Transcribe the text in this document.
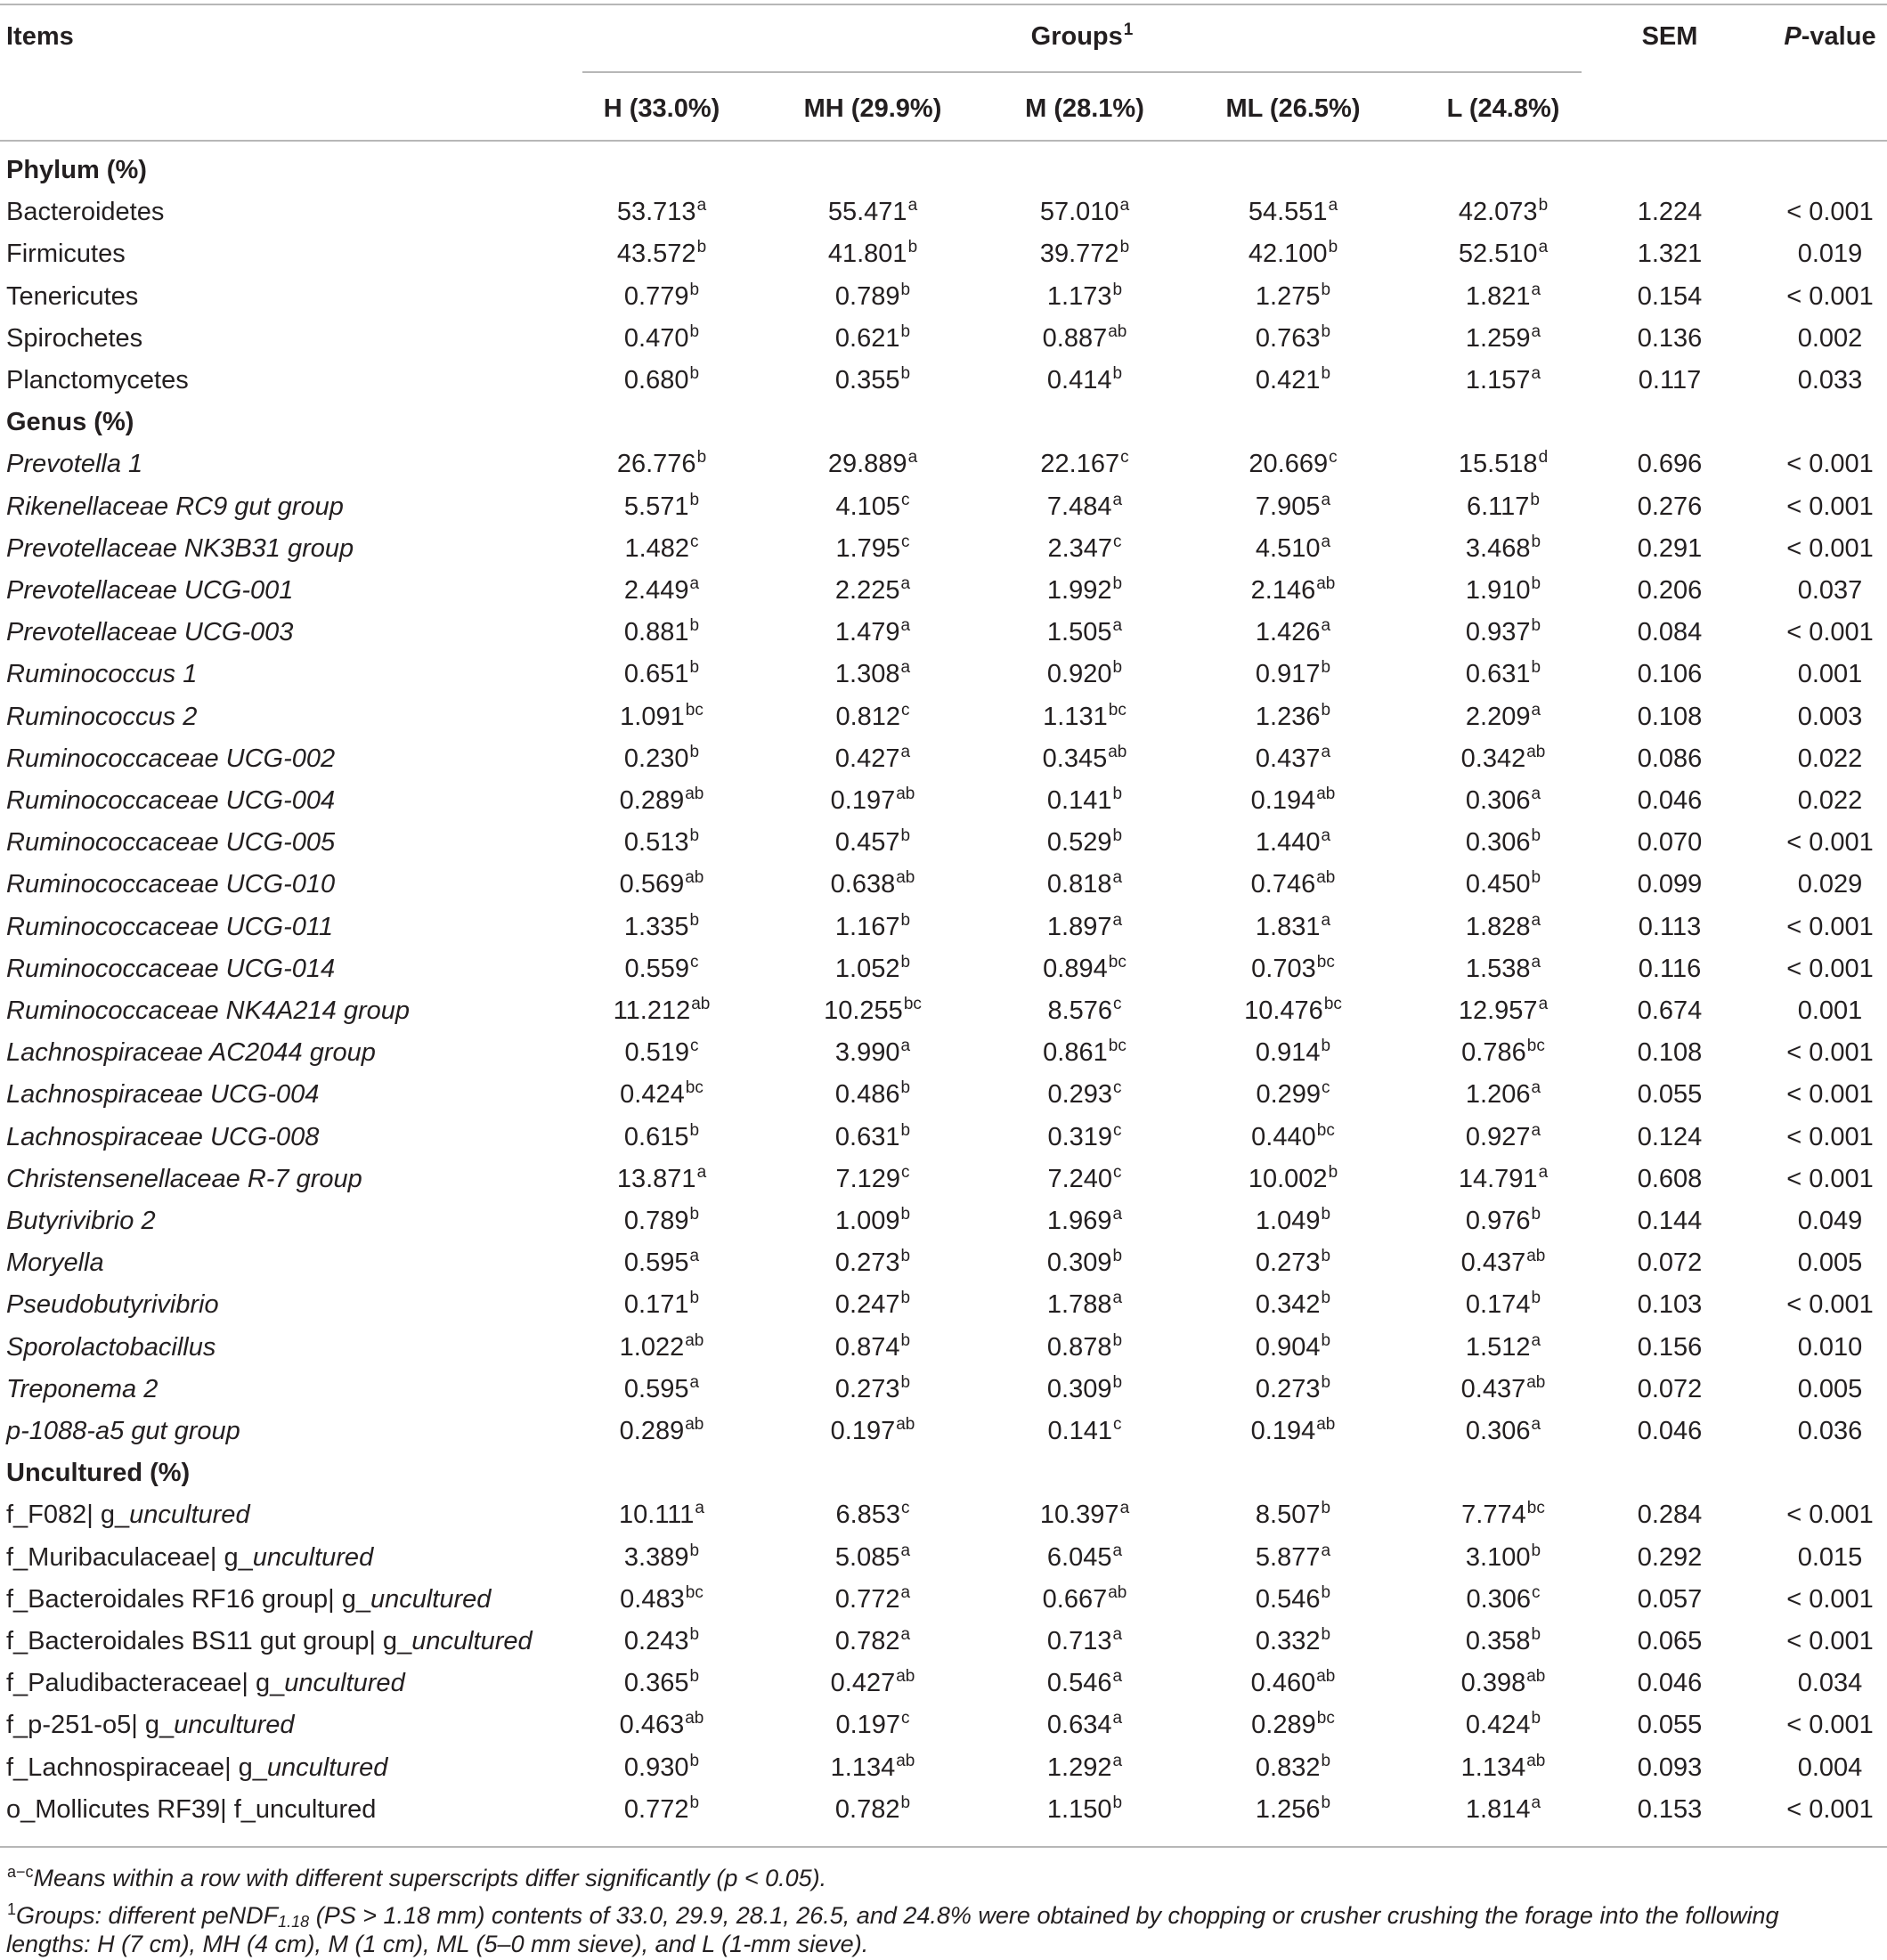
Items	Groups$^1$	SEM	P-value
H (33.0%)	MH (29.9%)	M (28.1%)	ML (26.5%)	L (24.8%)
Phylum (%)
Bacteroidetes	53.713$^a$	55.471$^a$	57.010$^a$	54.551$^a$	42.073$^b$	1.224	< 0.001
Firmicutes	43.572$^b$	41.801$^b$	39.772$^b$	42.100$^b$	52.510$^a$	1.321	0.019
Tenericutes	0.779$^b$	0.789$^b$	1.173$^b$	1.275$^b$	1.821$^a$	0.154	< 0.001
Spirochetes	0.470$^b$	0.621$^b$	0.887$^{ab}$	0.763$^b$	1.259$^a$	0.136	0.002
Planctomycetes	0.680$^b$	0.355$^b$	0.414$^b$	0.421$^b$	1.157$^a$	0.117	0.033
Genus (%)
Prevotella 1	26.776$^b$	29.889$^a$	22.167$^c$	20.669$^c$	15.518$^d$	0.696	< 0.001
Rikenellaceae RC9 gut group	5.571$^b$	4.105$^c$	7.484$^a$	7.905$^a$	6.117$^b$	0.276	< 0.001
Prevotellaceae NK3B31 group	1.482$^c$	1.795$^c$	2.347$^c$	4.510$^a$	3.468$^b$	0.291	< 0.001
Prevotellaceae UCG-001	2.449$^a$	2.225$^a$	1.992$^b$	2.146$^{ab}$	1.910$^b$	0.206	0.037
Prevotellaceae UCG-003	0.881$^b$	1.479$^a$	1.505$^a$	1.426$^a$	0.937$^b$	0.084	< 0.001
Ruminococcus 1	0.651$^b$	1.308$^a$	0.920$^b$	0.917$^b$	0.631$^b$	0.106	0.001
Ruminococcus 2	1.091$^{bc}$	0.812$^c$	1.131$^{bc}$	1.236$^b$	2.209$^a$	0.108	0.003
Ruminococcaceae UCG-002	0.230$^b$	0.427$^a$	0.345$^{ab}$	0.437$^a$	0.342$^{ab}$	0.086	0.022
Ruminococcaceae UCG-004	0.289$^{ab}$	0.197$^{ab}$	0.141$^b$	0.194$^{ab}$	0.306$^a$	0.046	0.022
Ruminococcaceae UCG-005	0.513$^b$	0.457$^b$	0.529$^b$	1.440$^a$	0.306$^b$	0.070	< 0.001
Ruminococcaceae UCG-010	0.569$^{ab}$	0.638$^{ab}$	0.818$^a$	0.746$^{ab}$	0.450$^b$	0.099	0.029
Ruminococcaceae UCG-011	1.335$^b$	1.167$^b$	1.897$^a$	1.831$^a$	1.828$^a$	0.113	< 0.001
Ruminococcaceae UCG-014	0.559$^c$	1.052$^b$	0.894$^{bc}$	0.703$^{bc}$	1.538$^a$	0.116	< 0.001
Ruminococcaceae NK4A214 group	11.212$^{ab}$	10.255$^{bc}$	8.576$^c$	10.476$^{bc}$	12.957$^a$	0.674	0.001
Lachnospiraceae AC2044 group	0.519$^c$	3.990$^a$	0.861$^{bc}$	0.914$^b$	0.786$^{bc}$	0.108	< 0.001
Lachnospiraceae UCG-004	0.424$^{bc}$	0.486$^b$	0.293$^c$	0.299$^c$	1.206$^a$	0.055	< 0.001
Lachnospiraceae UCG-008	0.615$^b$	0.631$^b$	0.319$^c$	0.440$^{bc}$	0.927$^a$	0.124	< 0.001
Christensenellaceae R-7 group	13.871$^a$	7.129$^c$	7.240$^c$	10.002$^b$	14.791$^a$	0.608	< 0.001
Butyrivibrio 2	0.789$^b$	1.009$^b$	1.969$^a$	1.049$^b$	0.976$^b$	0.144	0.049
Moryella	0.595$^a$	0.273$^b$	0.309$^b$	0.273$^b$	0.437$^{ab}$	0.072	0.005
Pseudobutyrivibrio	0.171$^b$	0.247$^b$	1.788$^a$	0.342$^b$	0.174$^b$	0.103	< 0.001
Sporolactobacillus	1.022$^{ab}$	0.874$^b$	0.878$^b$	0.904$^b$	1.512$^a$	0.156	0.010
Treponema 2	0.595$^a$	0.273$^b$	0.309$^b$	0.273$^b$	0.437$^{ab}$	0.072	0.005
p-1088-a5 gut group	0.289$^{ab}$	0.197$^{ab}$	0.141$^c$	0.194$^{ab}$	0.306$^a$	0.046	0.036
Uncultured (%)
f_F082| g_uncultured	10.111$^a$	6.853$^c$	10.397$^a$	8.507$^b$	7.774$^{bc}$	0.284	< 0.001
f_Muribaculaceae| g_uncultured	3.389$^b$	5.085$^a$	6.045$^a$	5.877$^a$	3.100$^b$	0.292	0.015
f_Bacteroidales RF16 group| g_uncultured	0.483$^{bc}$	0.772$^a$	0.667$^{ab}$	0.546$^b$	0.306$^c$	0.057	< 0.001
f_Bacteroidales BS11 gut group| g_uncultured	0.243$^b$	0.782$^a$	0.713$^a$	0.332$^b$	0.358$^b$	0.065	< 0.001
f_Paludibacteraceae| g_uncultured	0.365$^b$	0.427$^{ab}$	0.546$^a$	0.460$^{ab}$	0.398$^{ab}$	0.046	0.034
f_p-251-o5| g_uncultured	0.463$^{ab}$	0.197$^c$	0.634$^a$	0.289$^{bc}$	0.424$^b$	0.055	< 0.001
f_Lachnospiraceae| g_uncultured	0.930$^b$	1.134$^{ab}$	1.292$^a$	0.832$^b$	1.134$^{ab}$	0.093	0.004
o_Mollicutes RF39| f_uncultured	0.772$^b$	0.782$^b$	1.150$^b$	1.256$^b$	1.814$^a$	0.153	< 0.001
$^{a-c}$Means within a row with different superscripts differ significantly (p < 0.05).
$^1$Groups: different peNDF1.18 (PS > 1.18 mm) contents of 33.0, 29.9, 28.1, 26.5, and 24.8% were obtained by chopping or crusher crushing the forage into the following
lengths: H (7 cm), MH (4 cm), M (1 cm), ML (5–0 mm sieve), and L (1-mm sieve).
